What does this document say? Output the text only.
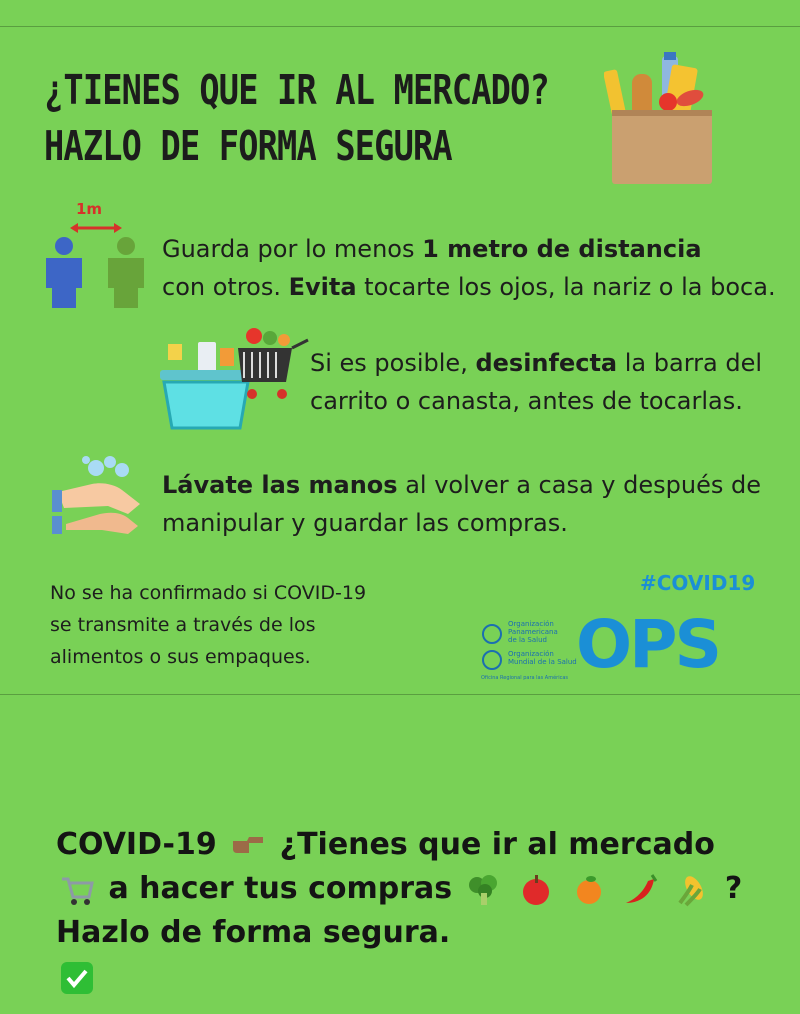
¿TIENES QUE IR AL MERCADO?
HAZLO DE FORMA SEGURA
1m
Guarda por lo menos 1 metro de distancia
con otros. Evita tocarte los ojos, la nariz o la boca.
Si es posible, desinfecta la barra del
carrito o canasta, antes de tocarlas.
Lávate las manos al volver a casa y después de
manipular y guardar las compras.
No se ha confirmado si COVID-19
se transmite a través de los
alimentos o sus empaques.
#COVID19
Organización
Panamericana
de la Salud
Organización
Mundial de la Salud
Oficina Regional para las Américas OPS
COVID-19 ¿Tienes que ir al mercado  a hacer tus compras	? Hazlo de forma segura.
